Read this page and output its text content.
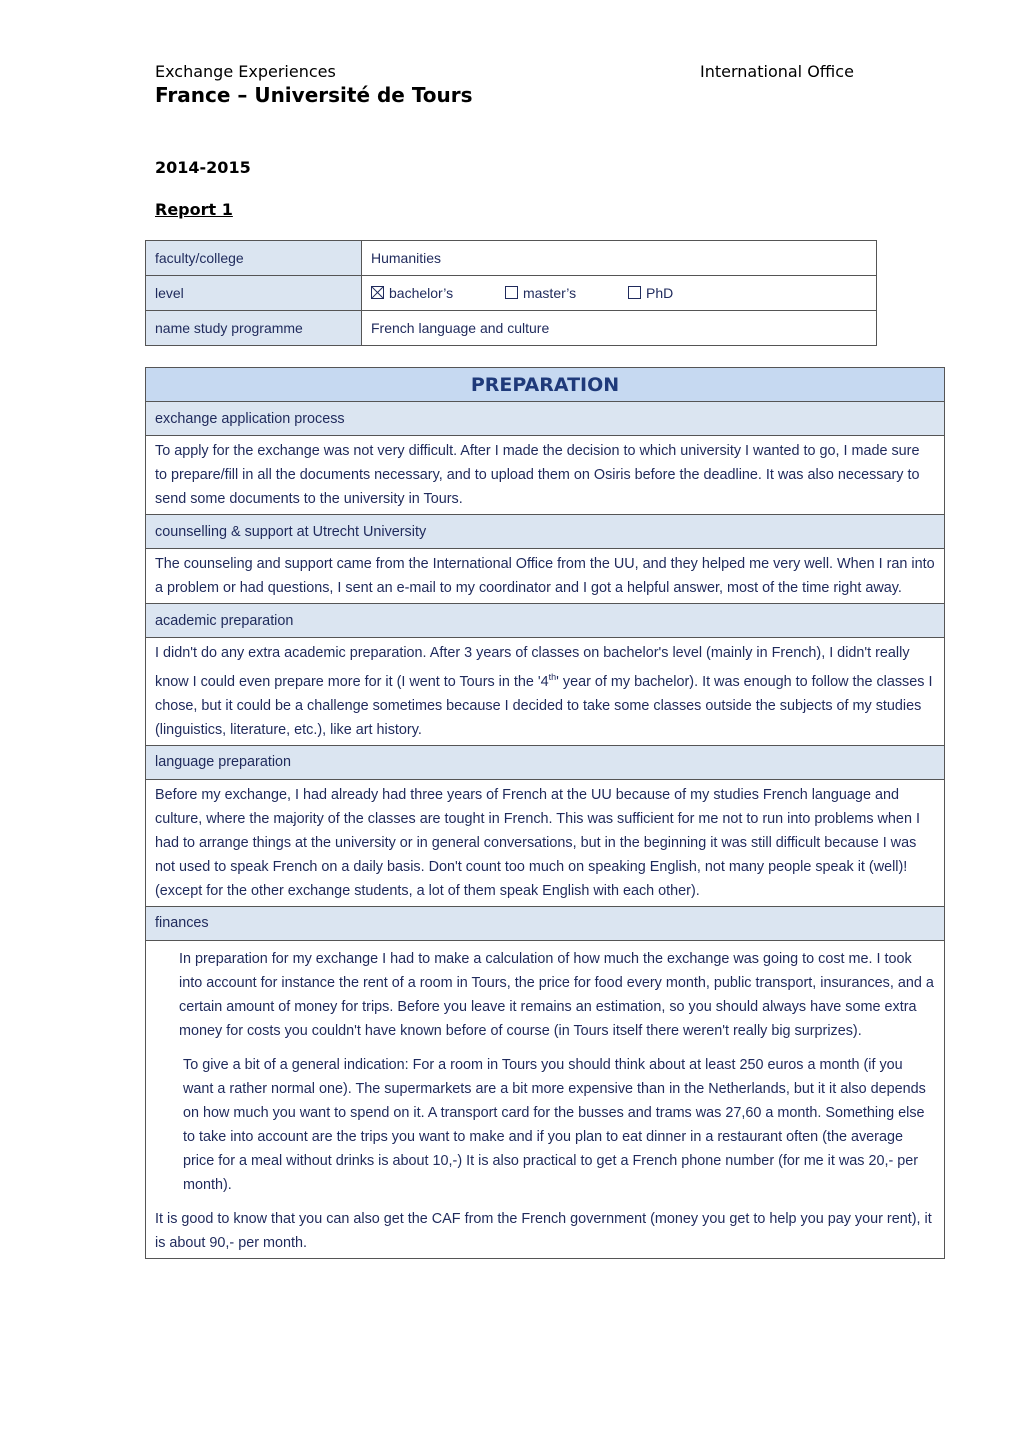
Exchange Experiences	International Office
France – Université de Tours
2014-2015
Report 1
faculty/college	Humanities
level	bachelor’s master’s PhD
name study programme	French language and culture
PREPARATION
exchange application process
To apply for the exchange was not very difficult. After I made the decision to which university I wanted to go, I made sure to prepare/fill in all the documents necessary, and to upload them on Osiris before the deadline. It was also necessary to send some documents to the university in Tours.
counselling & support at Utrecht University
The counseling and support came from the International Office from the UU, and they helped me very well. When I ran into a problem or had questions, I sent an e-mail to my coordinator and I got a helpful answer, most of the time right away.
academic preparation
I didn't do any extra academic preparation. After 3 years of classes on bachelor's level (mainly in French), I didn't really know I could even prepare more for it (I went to Tours in the '4th' year of my bachelor). It was enough to follow the classes I chose, but it could be a challenge sometimes because I decided to take some classes outside the subjects of my studies (linguistics, literature, etc.), like art history.
language preparation
Before my exchange, I had already had three years of French at the UU because of my studies French language and culture, where the majority of the classes are tought in French. This was sufficient for me not to run into problems when I had to arrange things at the university or in general conversations, but in the beginning it was still difficult because I was not used to speak French on a daily basis. Don't count too much on speaking English, not many people speak it (well)! (except for the other exchange students, a lot of them speak English with each other).
finances

In preparation for my exchange I had to make a calculation of how much the exchange was going to cost me. I took into account for instance the rent of a room in Tours, the price for food every month, public transport, insurances, and a certain amount of money for trips. Before you leave it remains an estimation, so you should always have some extra money for costs you couldn't have known before of course (in Tours itself there weren't really big surprizes).

To give a bit of a general indication: For a room in Tours you should think about at least 250 euros a month (if you want a rather normal one). The supermarkets are a bit more expensive than in the Netherlands, but it it also depends on how much you want to spend on it. A transport card for the busses and trams was 27,60 a month. Something else to take into account are the trips you want to make and if you plan to eat dinner in a restaurant often (the average price for a meal without drinks is about 10,-) It is also practical to get a French phone number (for me it was 20,- per month).

It is good to know that you can also get the CAF from the French government (money you get to help you pay your rent), it is about 90,- per month.
